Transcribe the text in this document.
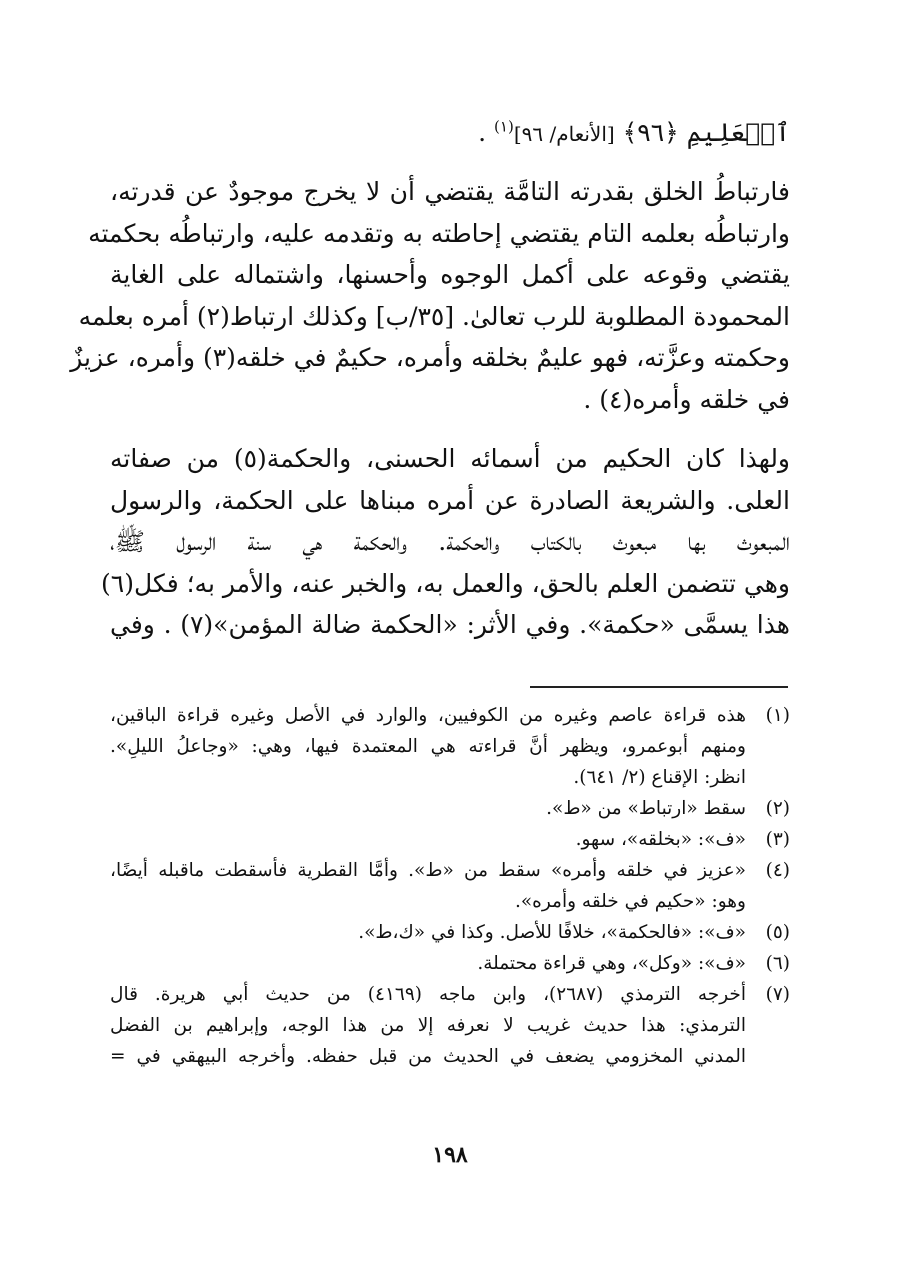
ٱلۡعَلِيمِ ﴿٩٦﴾ [الأنعام/ ٩٦]$^{(١)}$ .
فارتباطُ الخلق بقدرته التامَّة يقتضي أن لا يخرج موجودٌ عن قدرته،
وارتباطُه بعلمه التام يقتضي إحاطته به وتقدمه عليه، وارتباطُه بحكمته
يقتضي وقوعه على أكمل الوجوه وأحسنها، واشتماله على الغاية
المحمودة المطلوبة للرب تعالىٰ. [٣٥/ب] وكذلك ارتباط(٢) أمره بعلمه
وحكمته وعزَّته، فهو عليمٌ بخلقه وأمره، حكيمٌ في خلقه(٣) وأمره، عزيزٌ
في خلقه وأمره(٤) .
ولهذا كان الحكيم من أسمائه الحسنى، والحكمة(٥) من صفاته
العلى. والشريعة الصادرة عن أمره مبناها على الحكمة، والرسول
المبعوث بها مبعوث بالكتاب والحكمة. والحكمة هي سنة الرسول ﷺ،
وهي تتضمن العلم بالحق، والعمل به، والخبر عنه، والأمر به؛ فكل(٦)
هذا يسمَّى «حكمة». وفي الأثر: «الحكمة ضالة المؤمن»(٧) . وفي
(١)
هذه قراءة عاصم وغيره من الكوفيين، والوارد في الأصل وغيره قراءة الباقين،
ومنهم أبوعمرو، ويظهر أنَّ قراءته هي المعتمدة فيها، وهي: «وجاعلُ الليلِ».
انظر: الإقناع (٢/ ٦٤١).
(٢)
سقط «ارتباط» من «ط».
(٣)
«ف»: «بخلقه»، سهو.
(٤)
«عزيز في خلقه وأمره» سقط من «ط». وأمَّا القطرية فأسقطت ماقبله أيضًا،
وهو: «حكيم في خلقه وأمره».
(٥)
«ف»: «فالحكمة»، خلافًا للأصل. وكذا في «ك،ط».
(٦)
«ف»: «وكل»، وهي قراءة محتملة.
(٧)
أخرجه الترمذي (٢٦٨٧)، وابن ماجه (٤١٦٩) من حديث أبي هريرة. قال
الترمذي: هذا حديث غريب لا نعرفه إلا من هذا الوجه، وإبراهيم بن الفضل
المدني المخزومي يضعف في الحديث من قبل حفظه. وأخرجه البيهقي في =
١٩٨
